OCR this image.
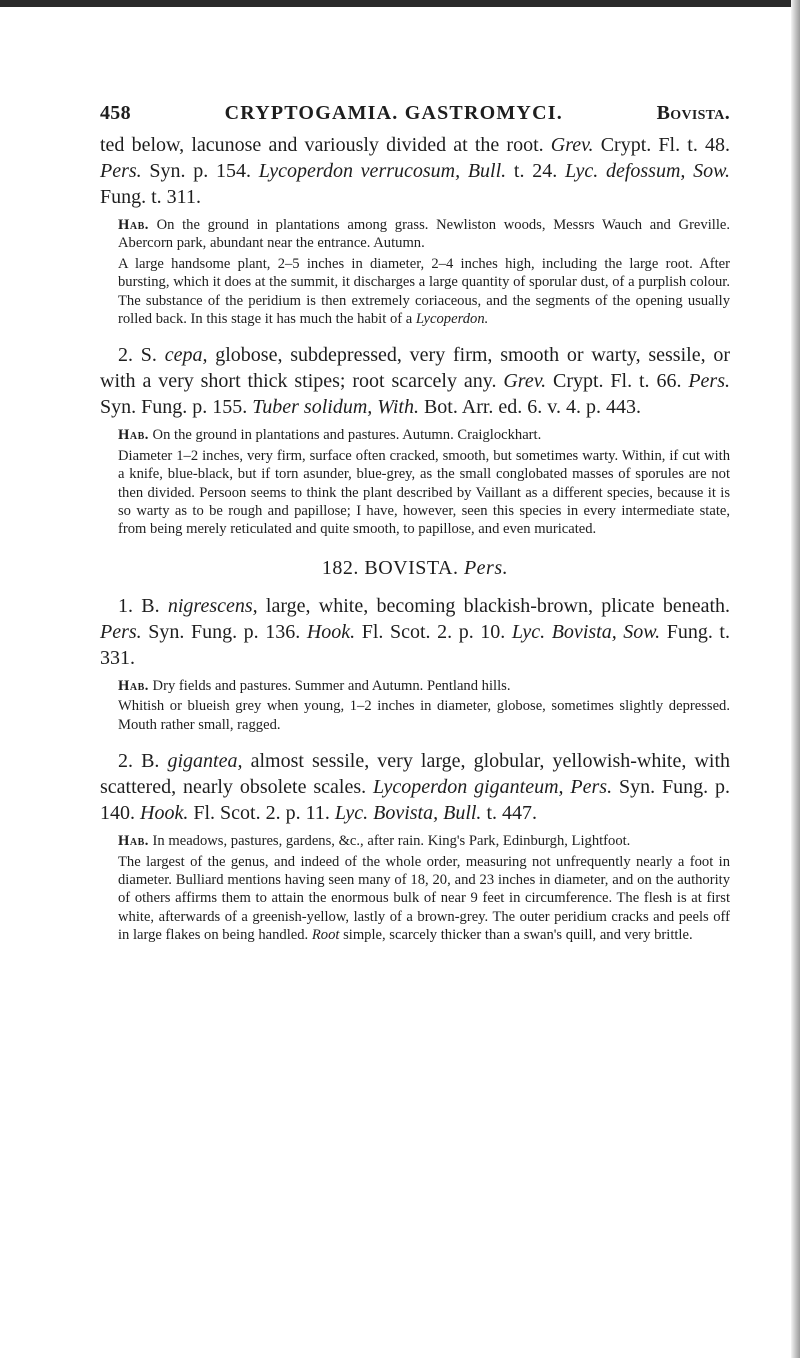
458	CRYPTOGAMIA. GASTROMYCI.	Bovista.

ted below, lacunose and variously divided at the root. Grev. Crypt. Fl. t. 48. Pers. Syn. p. 154. Lycoperdon verrucosum, Bull. t. 24. Lyc. defossum, Sow. Fung. t. 311.

Hab. On the ground in plantations among grass. Newliston woods, Messrs Wauch and Greville. Abercorn park, abundant near the entrance. Autumn.

A large handsome plant, 2–5 inches in diameter, 2–4 inches high, including the large root. After bursting, which it does at the summit, it discharges a large quantity of sporular dust, of a purplish colour. The substance of the peridium is then extremely coriaceous, and the segments of the opening usually rolled back. In this stage it has much the habit of a Lycoperdon.

2. S. cepa, globose, subdepressed, very firm, smooth or warty, sessile, or with a very short thick stipes; root scarcely any. Grev. Crypt. Fl. t. 66. Pers. Syn. Fung. p. 155. Tuber solidum, With. Bot. Arr. ed. 6. v. 4. p. 443.

Hab. On the ground in plantations and pastures. Autumn. Craiglockhart.

Diameter 1–2 inches, very firm, surface often cracked, smooth, but sometimes warty. Within, if cut with a knife, blue-black, but if torn asunder, blue-grey, as the small conglobated masses of sporules are not then divided. Persoon seems to think the plant described by Vaillant as a different species, because it is so warty as to be rough and papillose; I have, however, seen this species in every intermediate state, from being merely reticulated and quite smooth, to papillose, and even muricated.

182. BOVISTA. Pers.

1. B. nigrescens, large, white, becoming blackish-brown, plicate beneath. Pers. Syn. Fung. p. 136. Hook. Fl. Scot. 2. p. 10. Lyc. Bovista, Sow. Fung. t. 331.

Hab. Dry fields and pastures. Summer and Autumn. Pentland hills.

Whitish or blueish grey when young, 1–2 inches in diameter, globose, sometimes slightly depressed. Mouth rather small, ragged.

2. B. gigantea, almost sessile, very large, globular, yellowish-white, with scattered, nearly obsolete scales. Lycoperdon giganteum, Pers. Syn. Fung. p. 140. Hook. Fl. Scot. 2. p. 11. Lyc. Bovista, Bull. t. 447.

Hab. In meadows, pastures, gardens, &c., after rain. King's Park, Edinburgh, Lightfoot.

The largest of the genus, and indeed of the whole order, measuring not unfrequently nearly a foot in diameter. Bulliard mentions having seen many of 18, 20, and 23 inches in diameter, and on the authority of others affirms them to attain the enormous bulk of near 9 feet in circumference. The flesh is at first white, afterwards of a greenish-yellow, lastly of a brown-grey. The outer peridium cracks and peels off in large flakes on being handled. Root simple, scarcely thicker than a swan's quill, and very brittle.
